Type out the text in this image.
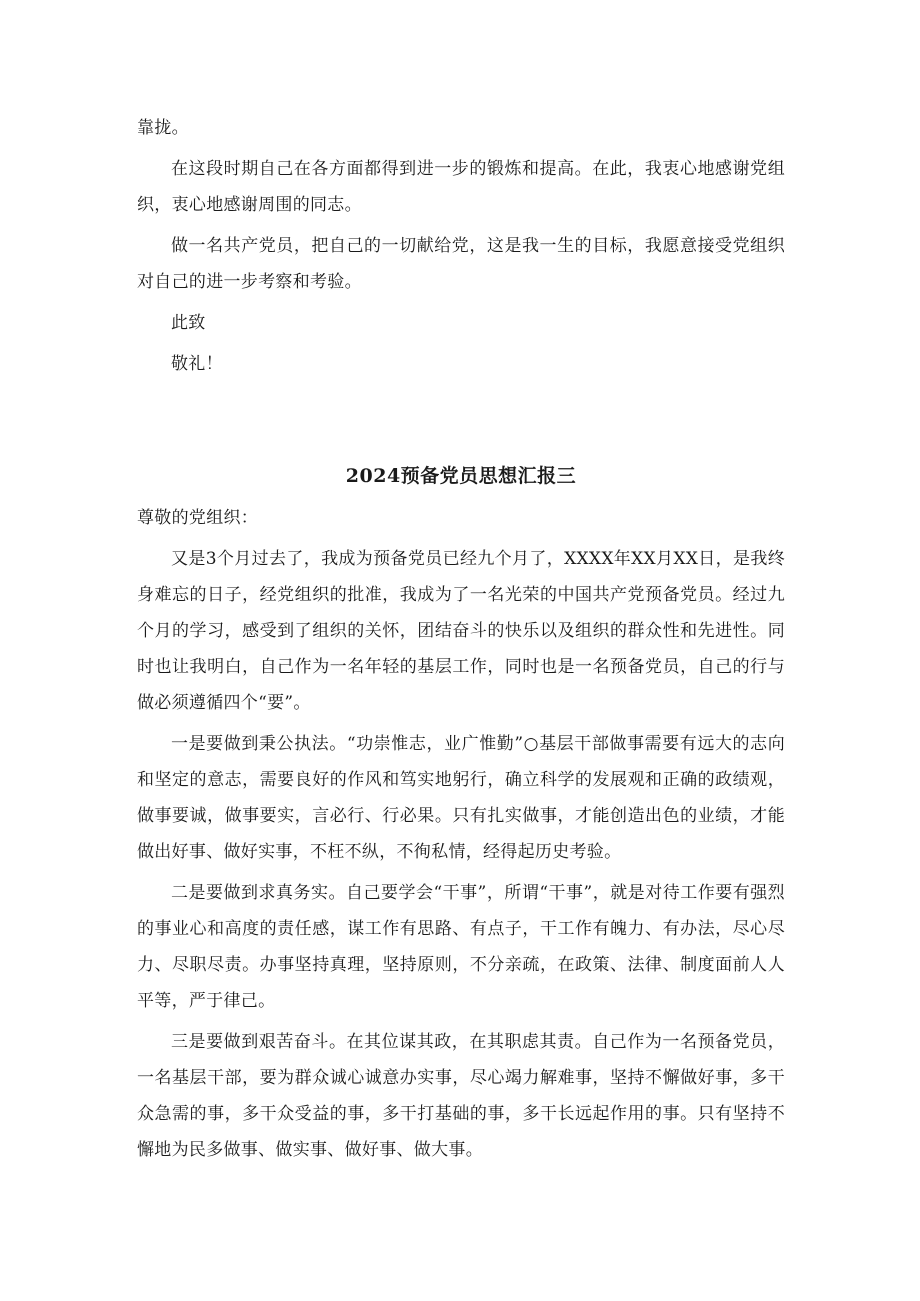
靠拢。

在这段时期自己在各方面都得到进一步的锻炼和提高。在此，我衷心地感谢党组织，衷心地感谢周围的同志。

做一名共产党员，把自己的一切献给党，这是我一生的目标，我愿意接受党组织对自己的进一步考察和考验。

此致

敬礼！

2024预备党员思想汇报三

尊敬的党组织：

又是3个月过去了，我成为预备党员已经九个月了，XXXX年XX月XX日，是我终身难忘的日子，经党组织的批准，我成为了一名光荣的中国共产党预备党员。经过九个月的学习，感受到了组织的关怀，团结奋斗的快乐以及组织的群众性和先进性。同时也让我明白，自己作为一名年轻的基层工作，同时也是一名预备党员，自己的行与做必须遵循四个“要”。

一是要做到秉公执法。“功崇惟志，业广惟勤”○基层干部做事需要有远大的志向和坚定的意志，需要良好的作风和笃实地躬行，确立科学的发展观和正确的政绩观，做事要诚，做事要实，言必行、行必果。只有扎实做事，才能创造出色的业绩，才能做出好事、做好实事，不枉不纵，不徇私情，经得起历史考验。

二是要做到求真务实。自己要学会“干事”，所谓“干事”，就是对待工作要有强烈的事业心和高度的责任感，谋工作有思路、有点子，干工作有魄力、有办法，尽心尽力、尽职尽责。办事坚持真理，坚持原则，不分亲疏，在政策、法律、制度面前人人平等，严于律己。

三是要做到艰苦奋斗。在其位谋其政，在其职虑其责。自己作为一名预备党员，一名基层干部，要为群众诚心诚意办实事，尽心竭力解难事，坚持不懈做好事，多干众急需的事，多干众受益的事，多干打基础的事，多干长远起作用的事。只有坚持不懈地为民多做事、做实事、做好事、做大事。
